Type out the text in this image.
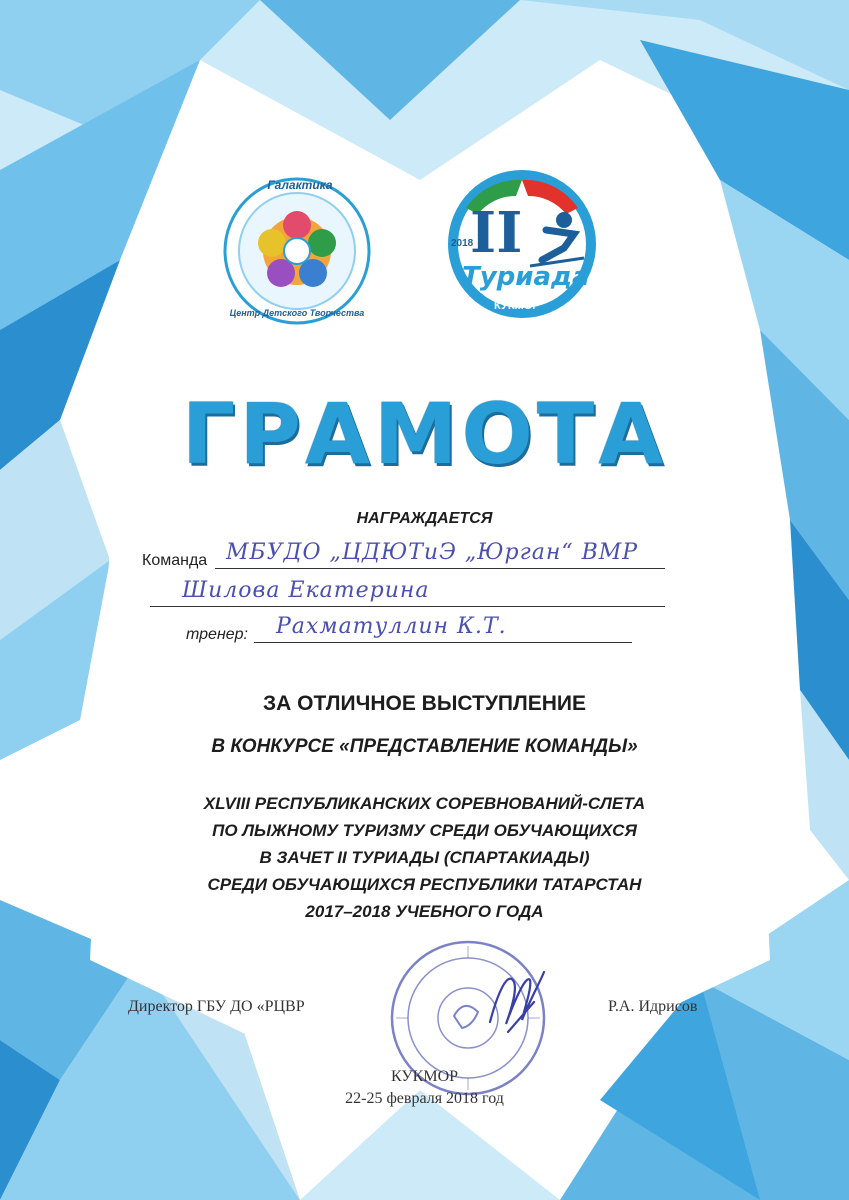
Галактика
Центр Детского Творчества
II
2018
Туриада
КУКМОР
ГРАМОТА
НАГРАЖДАЕТСЯ
Команда МБУДО „ЦДЮТиЭ „Юрган“ ВМР
Шилова Екатерина
тренер: Рахматуллин К.Т.
ЗА ОТЛИЧНОЕ ВЫСТУПЛЕНИЕ
В КОНКУРСЕ «ПРЕДСТАВЛЕНИЕ КОМАНДЫ»
XLVIII РЕСПУБЛИКАНСКИХ СОРЕВНОВАНИЙ-СЛЕТА
ПО ЛЫЖНОМУ ТУРИЗМУ СРЕДИ ОБУЧАЮЩИХСЯ
В ЗАЧЕТ II ТУРИАДЫ (СПАРТАКИАДЫ)
СРЕДИ ОБУЧАЮЩИХСЯ РЕСПУБЛИКИ ТАТАРСТАН
2017–2018 УЧЕБНОГО ГОДА
Директор ГБУ ДО «РЦВР	Р.А. Идрисов
КУКМОР
22-25 февраля 2018 год
